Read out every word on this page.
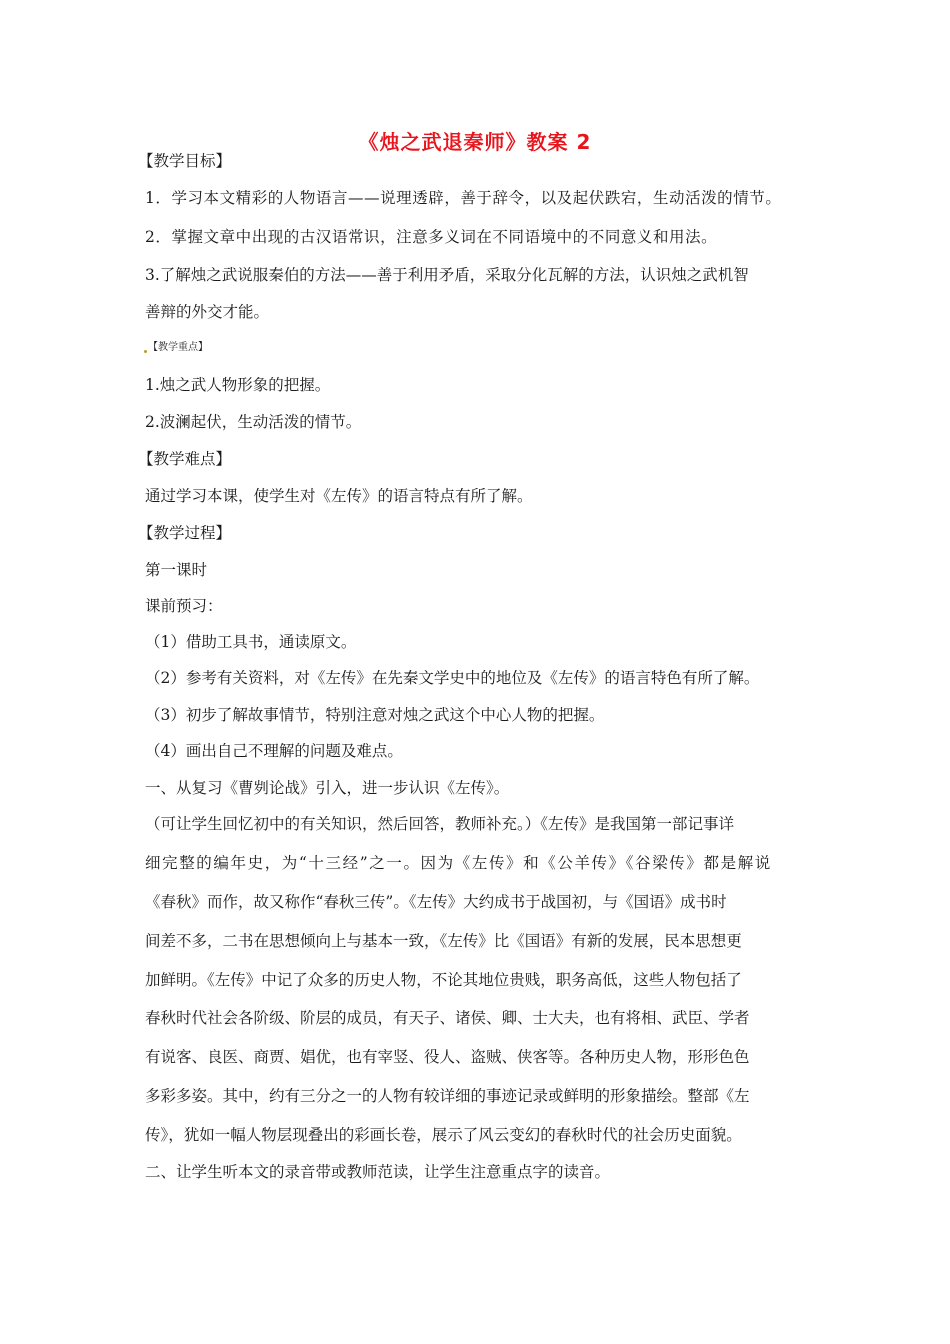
《烛之武退秦师》教案 2
【教学目标】
1．学习本文精彩的人物语言——说理透辟，善于辞令，以及起伏跌宕，生动活泼的情节。
2．掌握文章中出现的古汉语常识，注意多义词在不同语境中的不同意义和用法。
3.了解烛之武说服秦伯的方法——善于利用矛盾，采取分化瓦解的方法，认识烛之武机智
善辩的外交才能。
【教学重点】
1.烛之武人物形象的把握。
2.波澜起伏，生动活泼的情节。
【教学难点】
通过学习本课，使学生对《左传》的语言特点有所了解。
【教学过程】
第一课时
课前预习：
（1）借助工具书，通读原文。
（2）参考有关资料，对《左传》在先秦文学史中的地位及《左传》的语言特色有所了解。
（3）初步了解故事情节，特别注意对烛之武这个中心人物的把握。
（4）画出自己不理解的问题及难点。
一、从复习《曹刿论战》引入，进一步认识《左传》。
（可让学生回忆初中的有关知识，然后回答，教师补充。）《左传》是我国第一部记事详
细完整的编年史，为“十三经”之一。因为《左传》和《公羊传》《谷梁传》都是解说
《春秋》而作，故又称作“春秋三传”。《左传》大约成书于战国初，与《国语》成书时
间差不多，二书在思想倾向上与基本一致，《左传》比《国语》有新的发展，民本思想更
加鲜明。《左传》中记了众多的历史人物，不论其地位贵贱，职务高低，这些人物包括了
春秋时代社会各阶级、阶层的成员，有天子、诸侯、卿、士大夫，也有将相、武臣、学者
有说客、良医、商贾、娼优，也有宰竖、役人、盗贼、侠客等。各种历史人物，形形色色
多彩多姿。其中，约有三分之一的人物有较详细的事迹记录或鲜明的形象描绘。整部《左
传》，犹如一幅人物层现叠出的彩画长卷，展示了风云变幻的春秋时代的社会历史面貌。
二、让学生听本文的录音带或教师范读，让学生注意重点字的读音。
